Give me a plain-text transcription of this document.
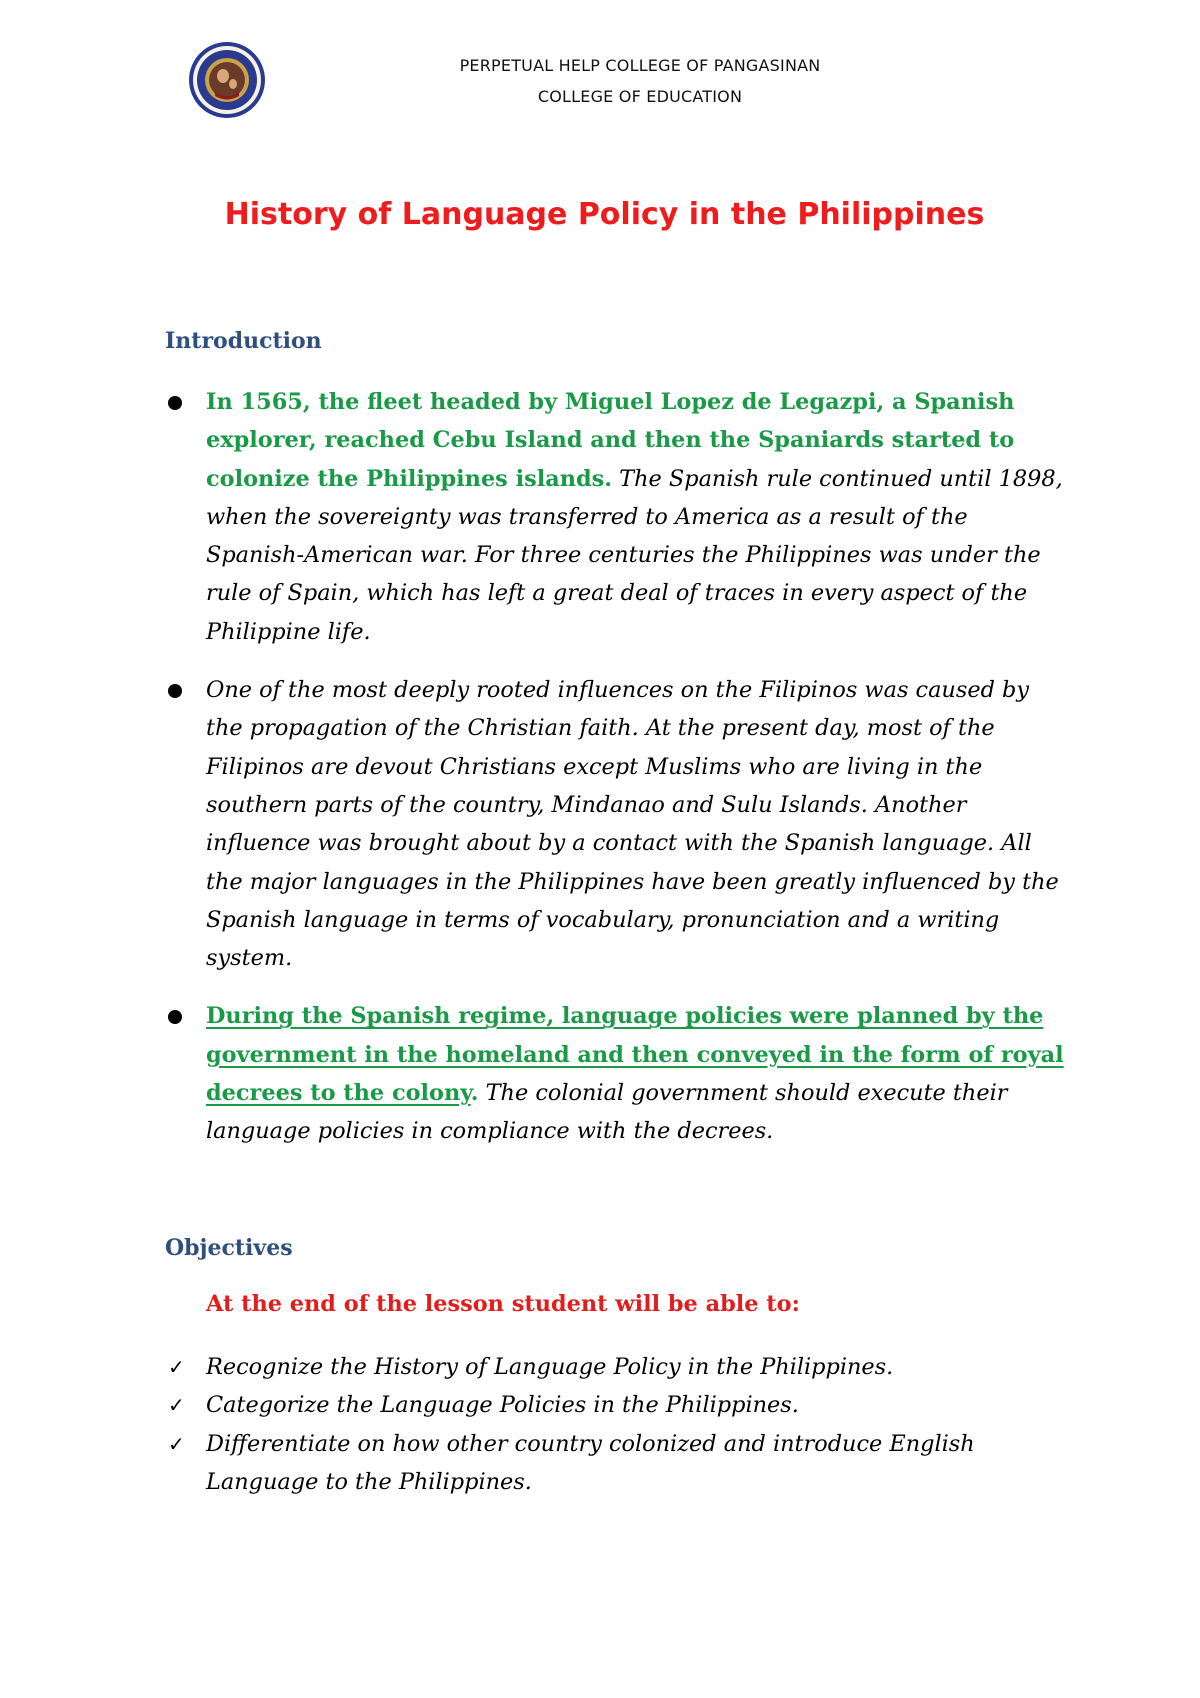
PERPETUAL HELP COLLEGE OF PANGASINAN
COLLEGE OF EDUCATION
History of Language Policy in the Philippines
Introduction
In 1565, the fleet headed by Miguel Lopez de Legazpi, a Spanish explorer, reached Cebu Island and then the Spaniards started to colonize the Philippines islands. The Spanish rule continued until 1898, when the sovereignty was transferred to America as a result of the Spanish-American war. For three centuries the Philippines was under the rule of Spain, which has left a great deal of traces in every aspect of the Philippine life.
One of the most deeply rooted influences on the Filipinos was caused by the propagation of the Christian faith. At the present day, most of the Filipinos are devout Christians except Muslims who are living in the southern parts of the country, Mindanao and Sulu Islands. Another influence was brought about by a contact with the Spanish language. All the major languages in the Philippines have been greatly influenced by the Spanish language in terms of vocabulary, pronunciation and a writing system.
During the Spanish regime, language policies were planned by the government in the homeland and then conveyed in the form of royal decrees to the colony. The colonial government should execute their language policies in compliance with the decrees.
Objectives

At the end of the lesson student will be able to:

✓ Recognize the History of Language Policy in the Philippines.
✓ Categorize the Language Policies in the Philippines.
✓ Differentiate on how other country colonized and introduce English Language to the Philippines.
